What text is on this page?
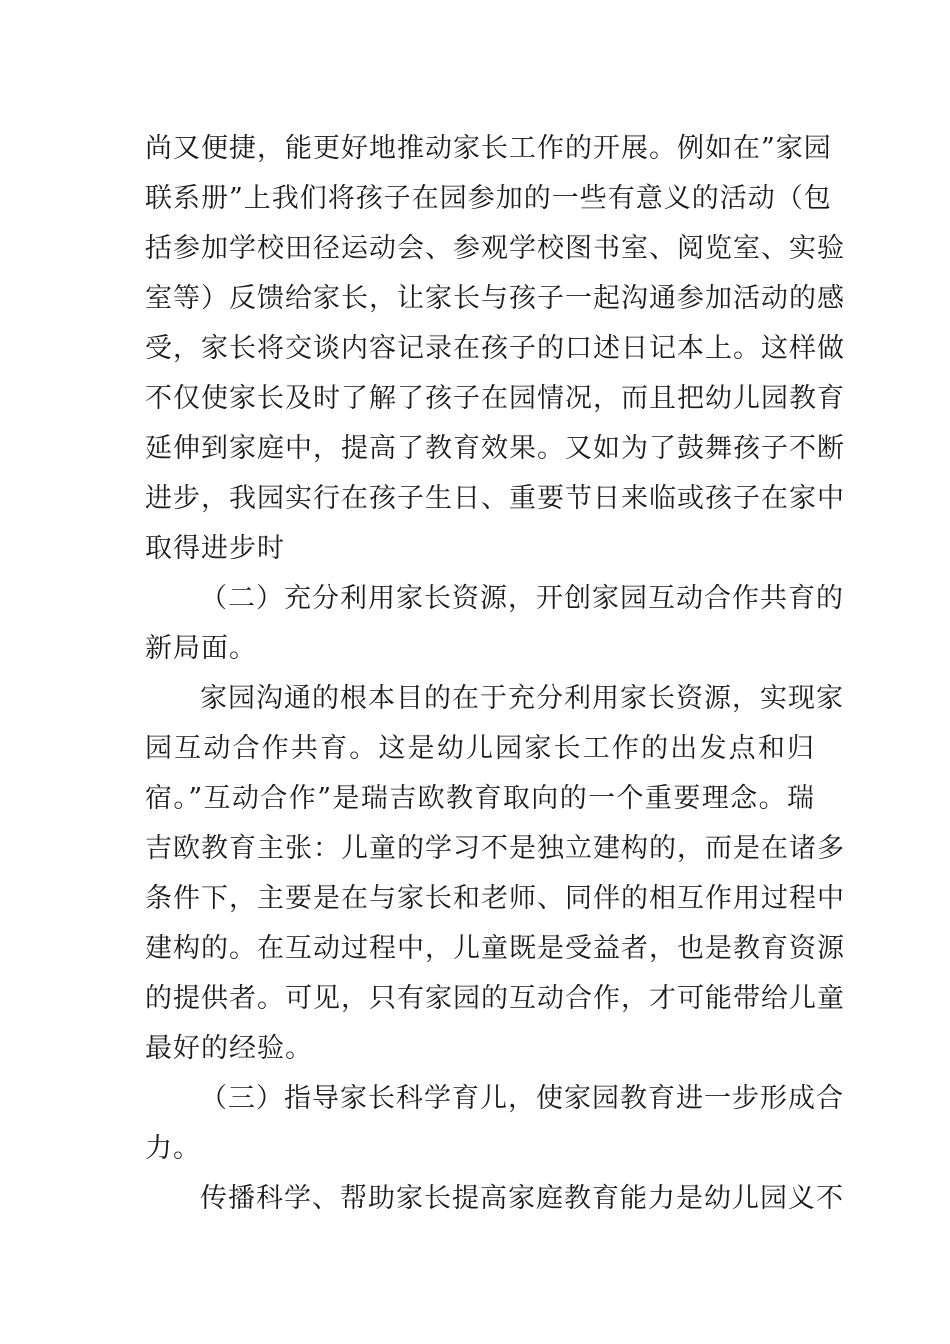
尚又便捷，能更好地推动家长工作的开展。例如在”家园
联系册”上我们将孩子在园参加的一些有意义的活动（包
括参加学校田径运动会、参观学校图书室、阅览室、实验
室等）反馈给家长，让家长与孩子一起沟通参加活动的感
受，家长将交谈内容记录在孩子的口述日记本上。这样做
不仅使家长及时了解了孩子在园情况，而且把幼儿园教育
延伸到家庭中，提高了教育效果。又如为了鼓舞孩子不断
进步，我园实行在孩子生日、重要节日来临或孩子在家中
取得进步时
（二）充分利用家长资源，开创家园互动合作共育的
新局面。
家园沟通的根本目的在于充分利用家长资源，实现家
园互动合作共育。这是幼儿园家长工作的出发点和归
宿。”互动合作”是瑞吉欧教育取向的一个重要理念。瑞
吉欧教育主张：儿童的学习不是独立建构的，而是在诸多
条件下，主要是在与家长和老师、同伴的相互作用过程中
建构的。在互动过程中，儿童既是受益者，也是教育资源
的提供者。可见，只有家园的互动合作，才可能带给儿童
最好的经验。
（三）指导家长科学育儿，使家园教育进一步形成合
力。
传播科学、帮助家长提高家庭教育能力是幼儿园义不
